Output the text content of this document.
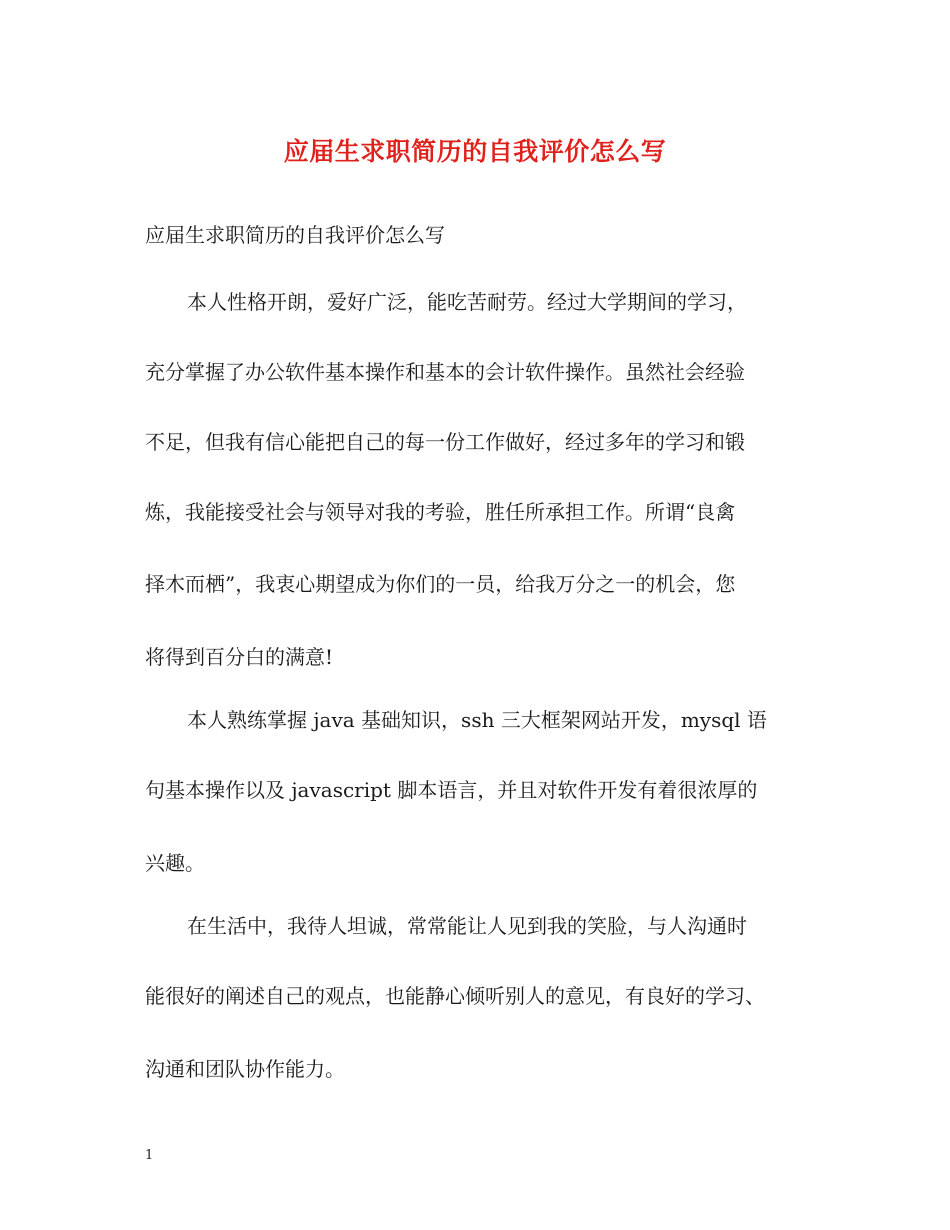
应届生求职简历的自我评价怎么写
应届生求职简历的自我评价怎么写
本人性格开朗，爱好广泛，能吃苦耐劳。经过大学期间的学习，
充分掌握了办公软件基本操作和基本的会计软件操作。虽然社会经验
不足，但我有信心能把自己的每一份工作做好，经过多年的学习和锻
炼，我能接受社会与领导对我的考验，胜任所承担工作。所谓“良禽
择木而栖”，我衷心期望成为你们的一员，给我万分之一的机会，您
将得到百分白的满意!
本人熟练掌握 java 基础知识，ssh 三大框架网站开发，mysql 语
句基本操作以及 javascript 脚本语言，并且对软件开发有着很浓厚的
兴趣。
在生活中，我待人坦诚，常常能让人见到我的笑脸，与人沟通时
能很好的阐述自己的观点，也能静心倾听别人的意见，有良好的学习、
沟通和团队协作能力。
1
